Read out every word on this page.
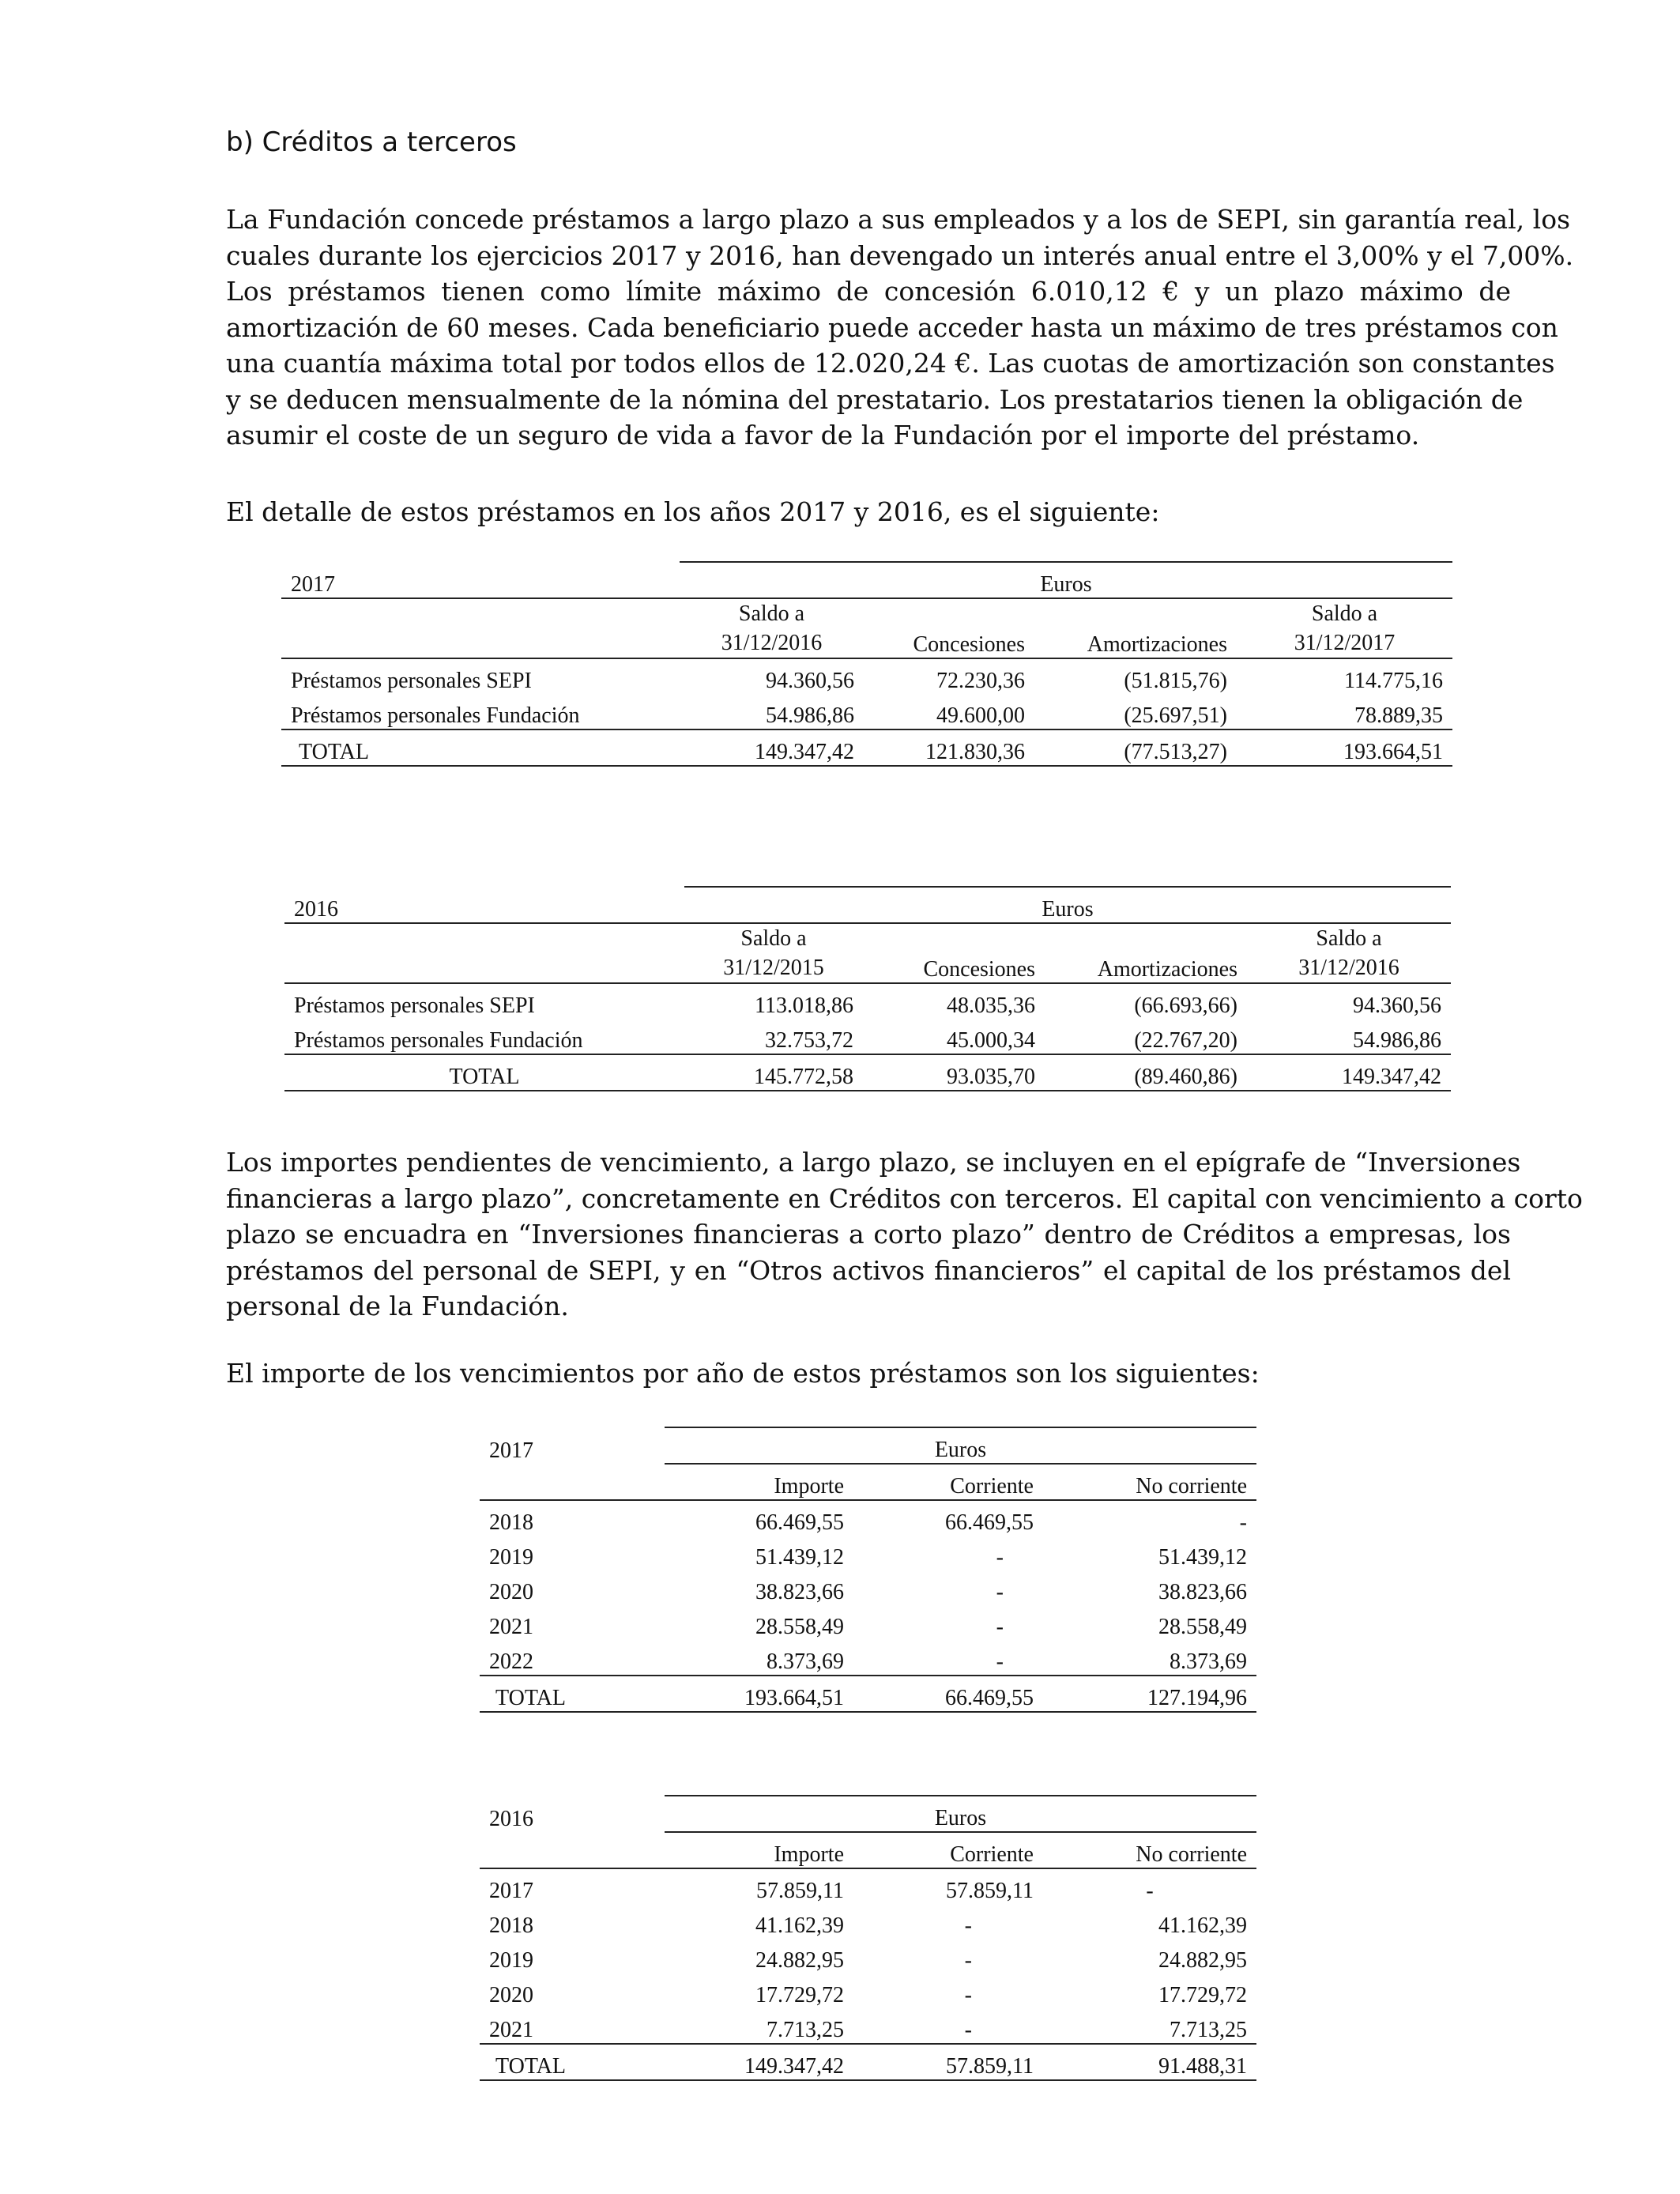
b) Créditos a terceros
La Fundación concede préstamos a largo plazo a sus empleados y a los de SEPI, sin garantía real, los
cuales durante los ejercicios 2017 y 2016, han devengado un interés anual entre el 3,00% y el 7,00%.
Los préstamos tienen como límite máximo de concesión 6.010,12 € y un plazo máximo de
amortización de 60 meses. Cada beneficiario puede acceder hasta un máximo de tres préstamos con
una cuantía máxima total por todos ellos de 12.020,24 €. Las cuotas de amortización son constantes
y se deducen mensualmente de la nómina del prestatario. Los prestatarios tienen la obligación de
asumir el coste de un seguro de vida a favor de la Fundación por el importe del préstamo.
El detalle de estos préstamos en los años 2017 y 2016, es el siguiente:
2017	Euros			
	Saldo a
31/12/2016	Concesiones	Amortizaciones	Saldo a
31/12/2017
Préstamos personales SEPI	94.360,56	72.230,36	(51.815,76)	114.775,16
Préstamos personales Fundación	54.986,86	49.600,00	(25.697,51)	78.889,35
TOTAL	149.347,42	121.830,36	(77.513,27)	193.664,51
2016	Euros			
	Saldo a
31/12/2015	Concesiones	Amortizaciones	Saldo a
31/12/2016
Préstamos personales SEPI	113.018,86	48.035,36	(66.693,66)	94.360,56
Préstamos personales Fundación	32.753,72	45.000,34	(22.767,20)	54.986,86
TOTAL	145.772,58	93.035,70	(89.460,86)	149.347,42
Los importes pendientes de vencimiento, a largo plazo, se incluyen en el epígrafe de “Inversiones
financieras a largo plazo”, concretamente en Créditos con terceros. El capital con vencimiento a corto
plazo se encuadra en “Inversiones financieras a corto plazo” dentro de Créditos a empresas, los
préstamos del personal de SEPI, y en “Otros activos financieros” el capital de los préstamos del
personal de la Fundación.
El importe de los vencimientos por año de estos préstamos son los siguientes:
2017	Euros		
	Importe	Corriente	No corriente
2018	66.469,55	66.469,55	-
2019	51.439,12	-	51.439,12
2020	38.823,66	-	38.823,66
2021	28.558,49	-	28.558,49
2022	8.373,69	-	8.373,69
TOTAL	193.664,51	66.469,55	127.194,96
2016	Euros		
	Importe	Corriente	No corriente
2017	57.859,11	57.859,11	-
2018	41.162,39	-	41.162,39
2019	24.882,95	-	24.882,95
2020	17.729,72	-	17.729,72
2021	7.713,25	-	7.713,25
TOTAL	149.347,42	57.859,11	91.488,31
